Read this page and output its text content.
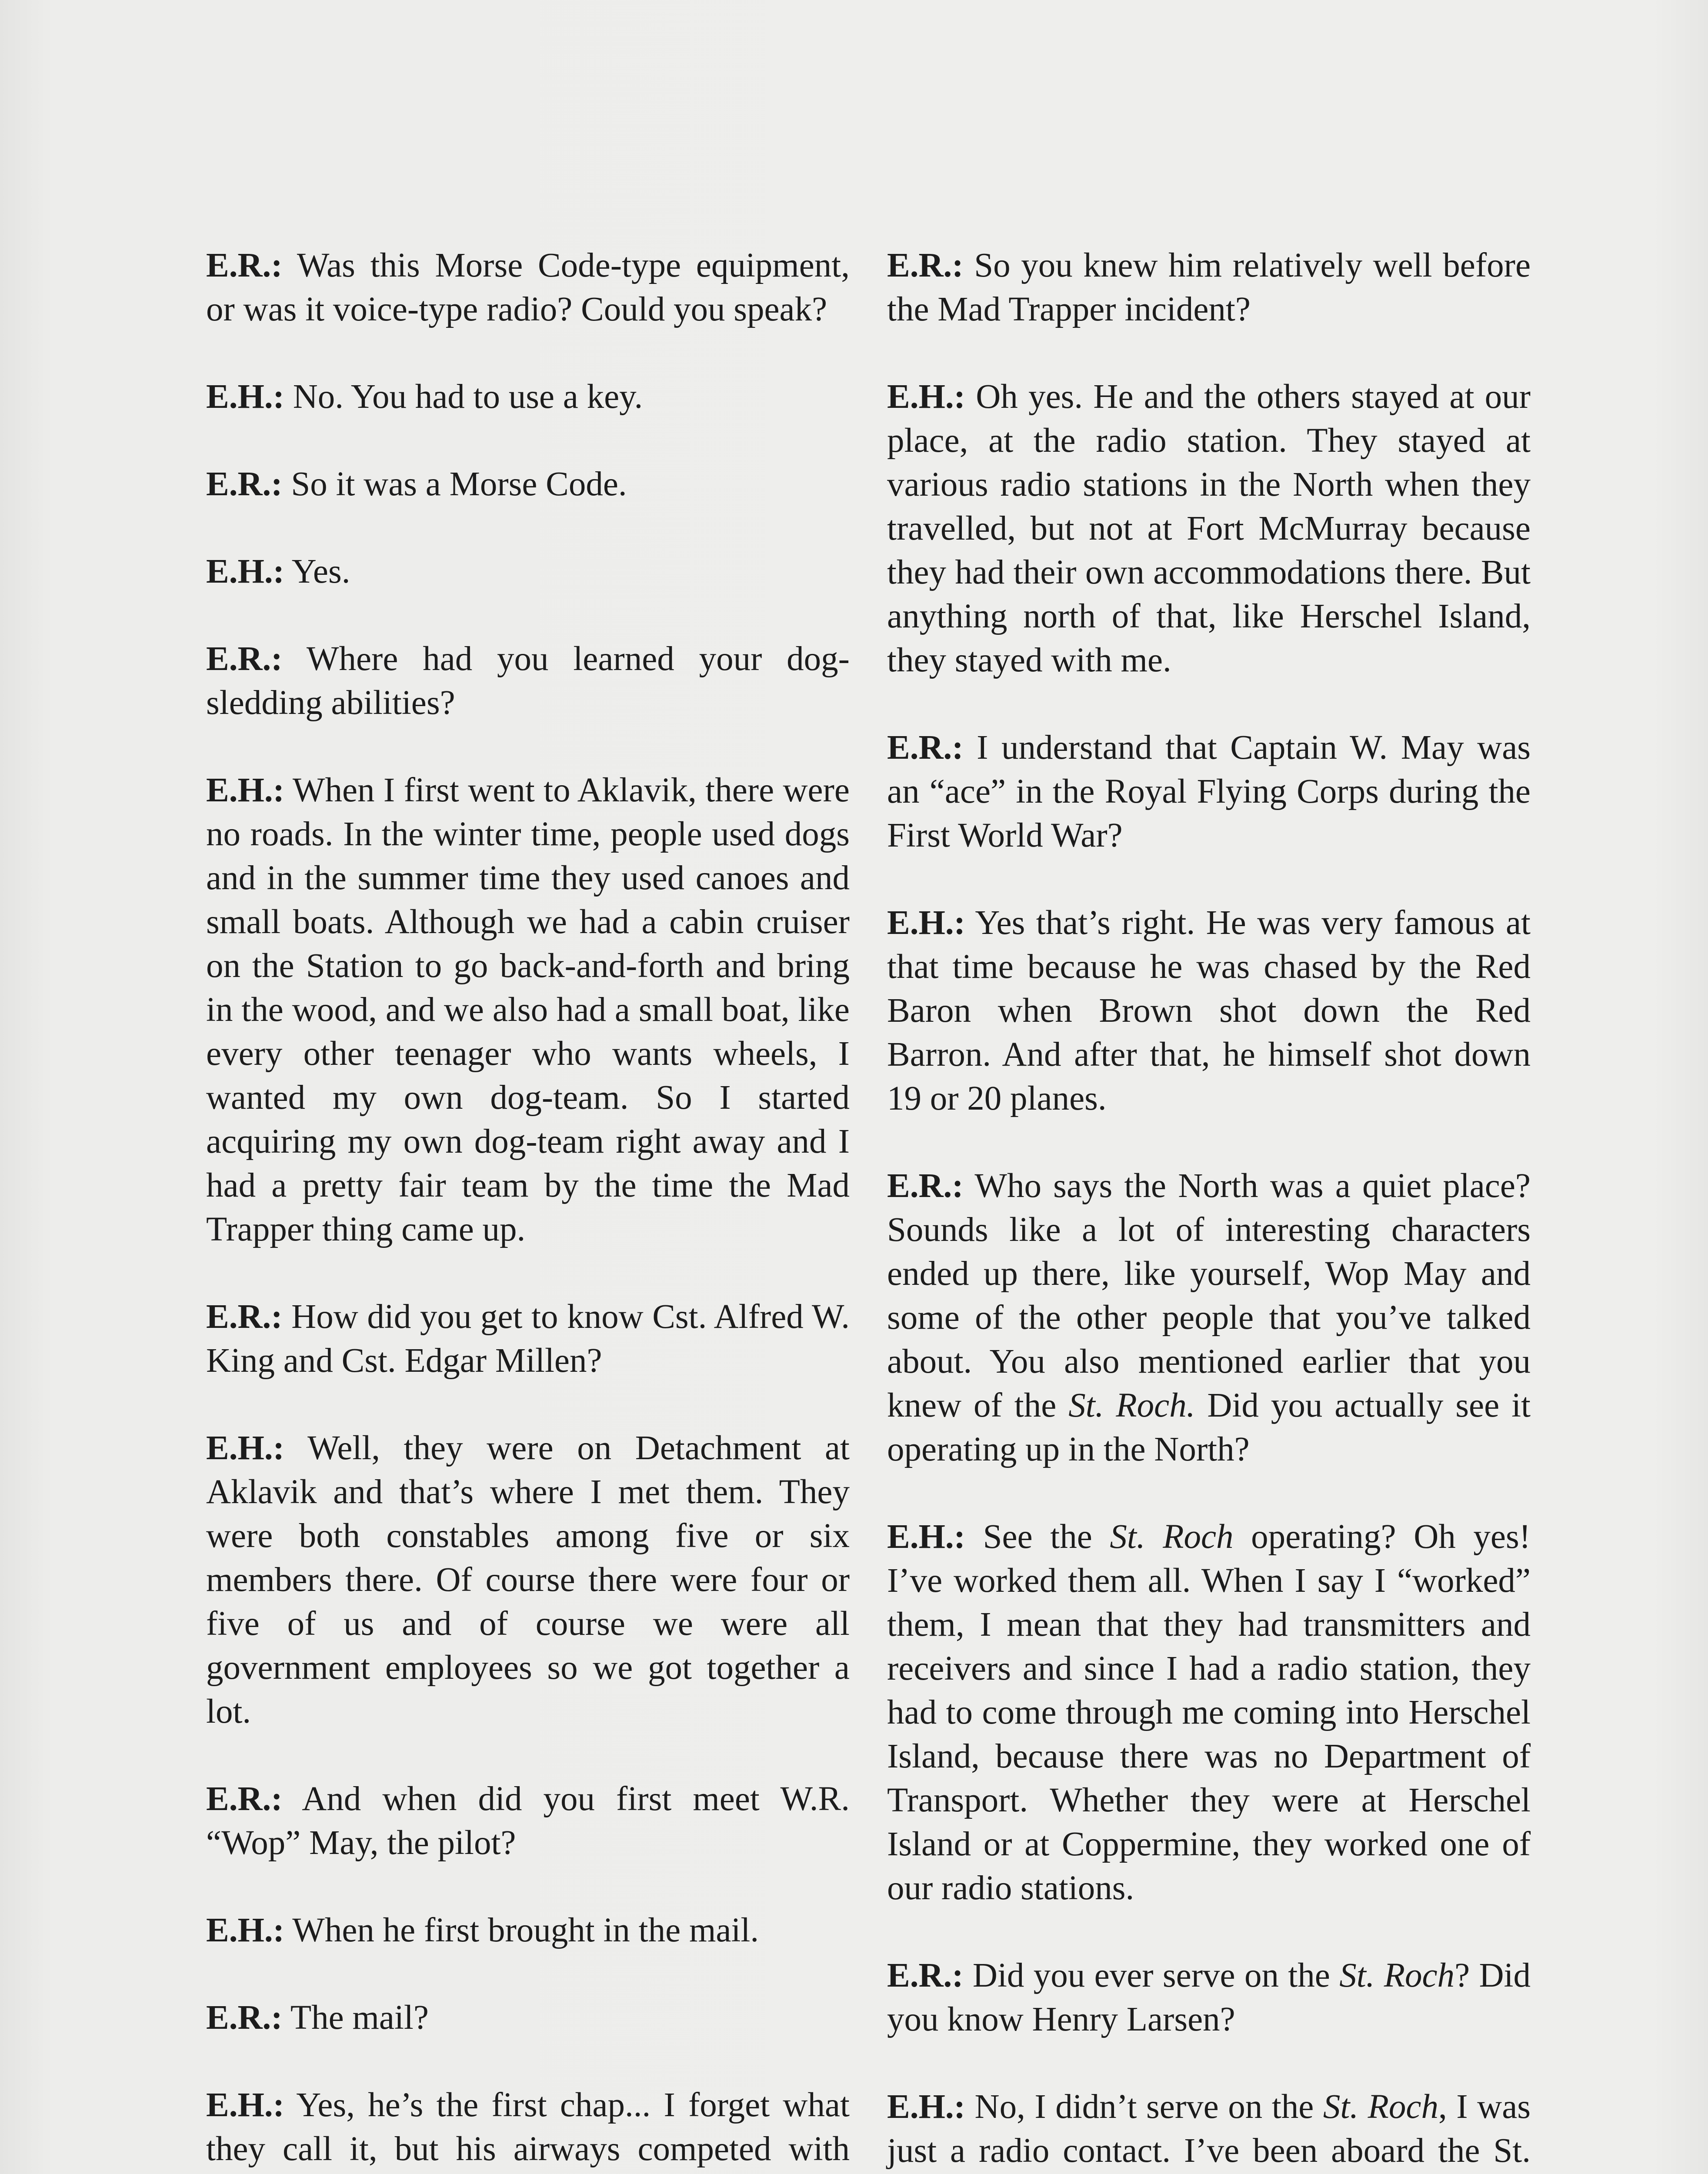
E.R.: Was this Morse Code-type equipment, or was it voice-type radio? Could you speak?

E.H.: No. You had to use a key.

E.R.: So it was a Morse Code.

E.H.: Yes.

E.R.: Where had you learned your dog-sledding abilities?

E.H.: When I first went to Aklavik, there were no roads. In the winter time, people used dogs and in the summer time they used canoes and small boats. Although we had a cabin cruiser on the Station to go back-and-forth and bring in the wood, and we also had a small boat, like every other teenager who wants wheels, I wanted my own dog-team. So I started acquiring my own dog-team right away and I had a pretty fair team by the time the Mad Trapper thing came up.

E.R.: How did you get to know Cst. Alfred W. King and Cst. Edgar Millen?

E.H.: Well, they were on Detachment at Aklavik and that’s where I met them. They were both constables among five or six members there. Of course there were four or five of us and of course we were all government employees so we got together a lot.

E.R.: And when did you first meet W.R. “Wop” May, the pilot?

E.H.: When he first brought in the mail.

E.R.: The mail?

E.H.: Yes, he’s the first chap... I forget what they call it, but his airways competed with

E.R.: So you knew him relatively well before the Mad Trapper incident?

E.H.: Oh yes. He and the others stayed at our place, at the radio station. They stayed at various radio stations in the North when they travelled, but not at Fort McMurray because they had their own accommodations there. But anything north of that, like Herschel Island, they stayed with me.

E.R.: I understand that Captain W. May was an “ace” in the Royal Flying Corps during the First World War?

E.H.: Yes that’s right. He was very famous at that time because he was chased by the Red Baron when Brown shot down the Red Barron. And after that, he himself shot down 19 or 20 planes.

E.R.: Who says the North was a quiet place? Sounds like a lot of interesting characters ended up there, like yourself, Wop May and some of the other people that you’ve talked about. You also mentioned earlier that you knew of the St. Roch. Did you actually see it operating up in the North?

E.H.: See the St. Roch operating? Oh yes! I’ve worked them all. When I say I “worked” them, I mean that they had transmitters and receivers and since I had a radio station, they had to come through me coming into Herschel Island, because there was no Department of Transport. Whether they were at Herschel Island or at Coppermine, they worked one of our radio stations.

E.R.: Did you ever serve on the St. Roch? Did you know Henry Larsen?

E.H.: No, I didn’t serve on the St. Roch, I was just a radio contact. I’ve been aboard the St.
